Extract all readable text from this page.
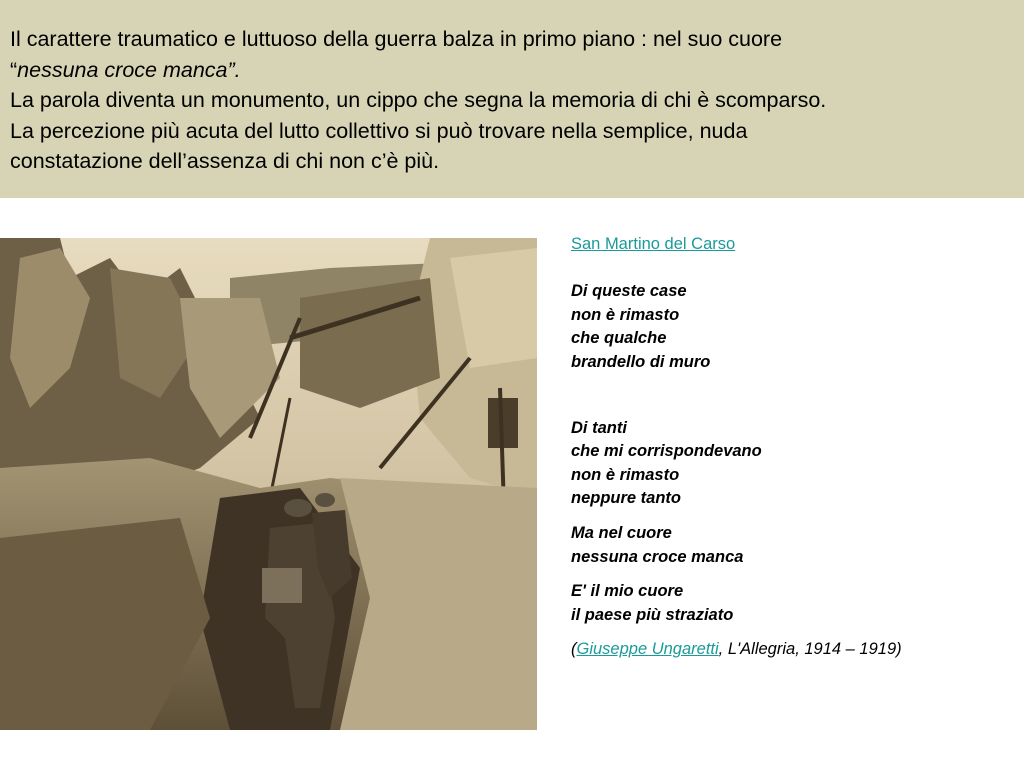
Il carattere traumatico e luttuoso della guerra balza in primo piano : nel suo cuore

“nessuna croce manca”.

La parola diventa un monumento, un cippo che segna la memoria di chi è scomparso.

La percezione più acuta del lutto collettivo si può trovare nella semplice, nuda

constatazione dell’assenza di chi non c’è più.

San Martino del Carso

Di queste case
non è rimasto
che qualche
brandello di muro

Di tanti
che mi corrispondevano
non è rimasto
neppure tanto

Ma nel cuore
nessuna croce manca

E' il mio cuore
il paese più straziato

(Giuseppe Ungaretti, L'Allegria, 1914 – 1919)
